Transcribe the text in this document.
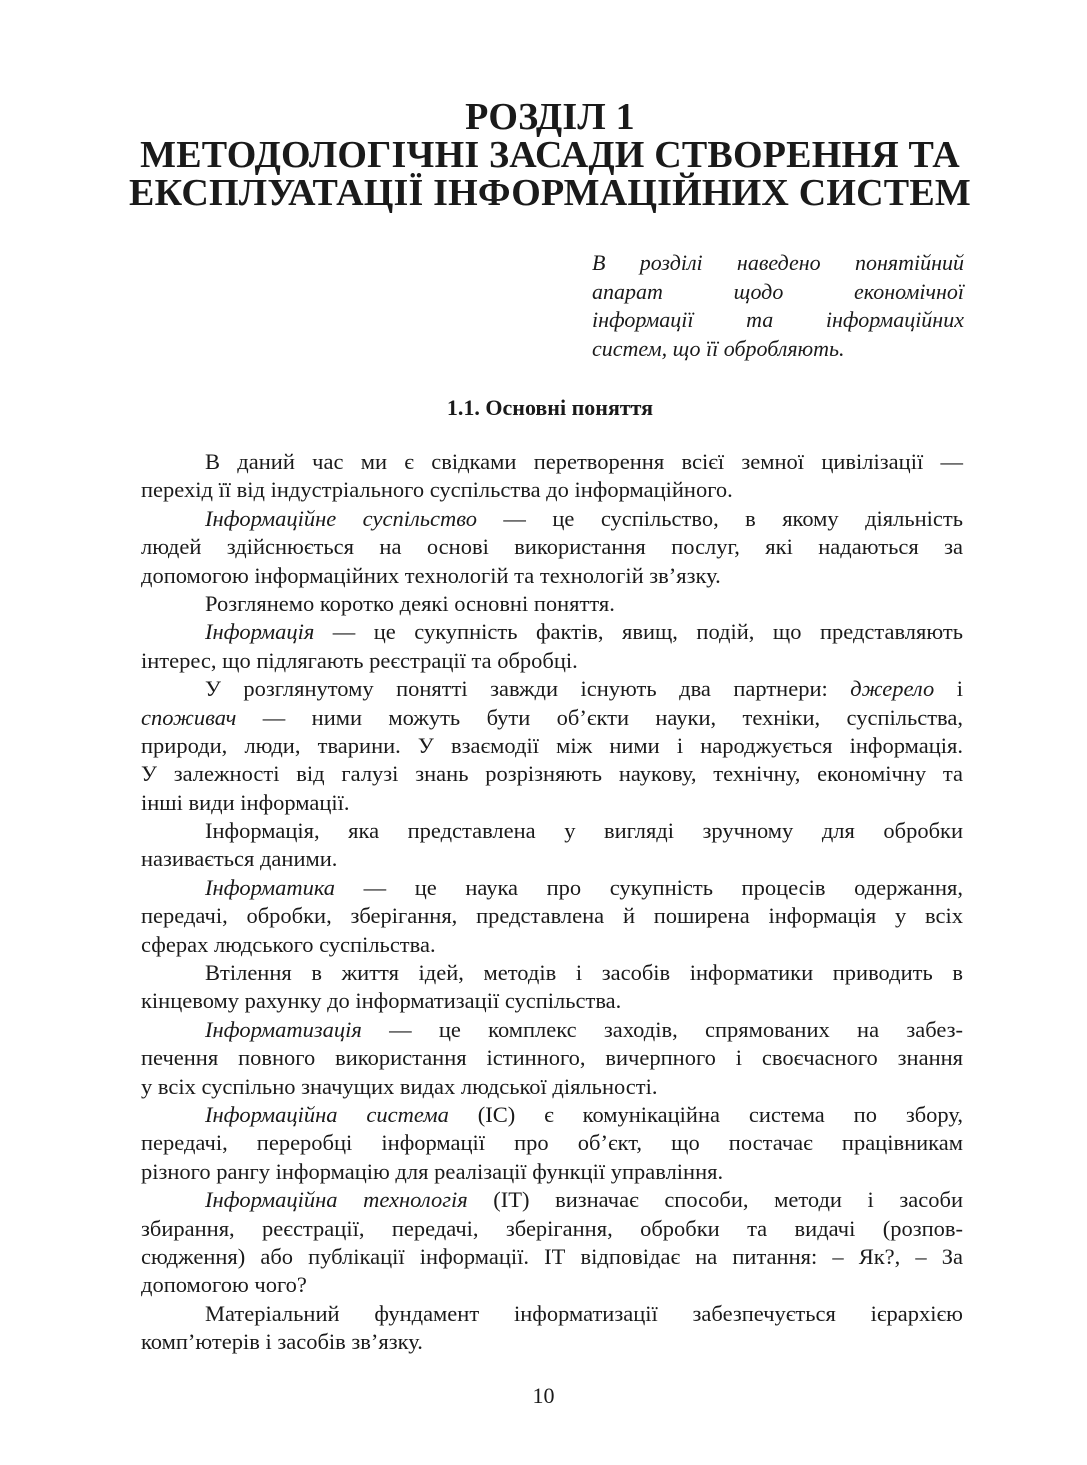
РОЗДІЛ 1
МЕТОДОЛОГІЧНІ ЗАСАДИ СТВОРЕННЯ ТА
ЕКСПЛУАТАЦІЇ ІНФОРМАЦІЙНИХ СИСТЕМ
В розділі наведено понятійний
апарат щодо економічної
інформації та інформаційних
систем, що її обробляють.
1.1. Основні поняття
В даний час ми є свідками перетворення всієї земної цивілізації —
перехід її від індустріального суспільства до інформаційного.
Інформаційне суспільство — це суспільство, в якому діяльність
людей здійснюється на основі використання послуг, які надаються за
допомогою інформаційних технологій та технологій зв’язку.
Розглянемо коротко деякі основні поняття.
Інформація — це сукупність фактів, явищ, подій, що представляють
інтерес, що підлягають реєстрації та обробці.
У розглянутому понятті завжди існують два партнери: джерело і
споживач — ними можуть бути об’єкти науки, техніки, суспільства,
природи, люди, тварини. У взаємодії між ними і народжується інформація.
У залежності від галузі знань розрізняють наукову, технічну, економічну та
інші види інформації.
Інформація, яка представлена у вигляді зручному для обробки
називається даними.
Інформатика — це наука про сукупність процесів одержання,
передачі, обробки, зберігання, представлена й поширена інформація у всіх
сферах людського суспільства.
Втілення в життя ідей, методів і засобів інформатики приводить в
кінцевому рахунку до інформатизації суспільства.
Інформатизація — це комплекс заходів, спрямованих на забез-
печення повного використання істинного, вичерпного і своєчасного знання
у всіх суспільно значущих видах людської діяльності.
Інформаційна система (ІС) є комунікаційна система по збору,
передачі, переробці інформації про об’єкт, що постачає працівникам
різного рангу інформацію для реалізації функції управління.
Інформаційна технологія (ІТ) визначає способи, методи і засоби
збирання, реєстрації, передачі, зберігання, обробки та видачі (розпов-
сюдження) або публікації інформації. ІТ відповідає на питання: – Як?, – За
допомогою чого?
Матеріальний фундамент інформатизації забезпечується ієрархією
комп’ютерів і засобів зв’язку.
10
